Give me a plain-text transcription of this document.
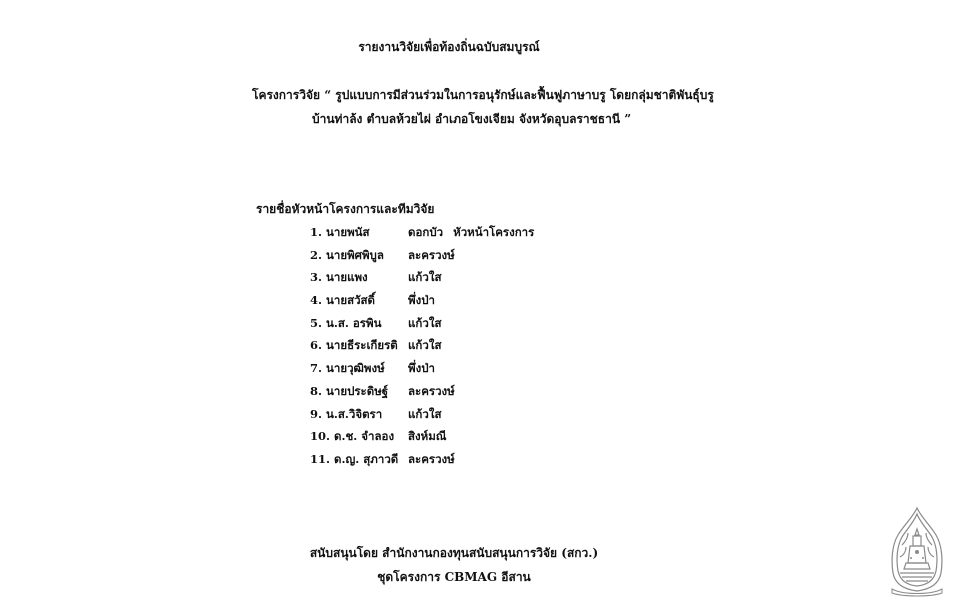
รายงานวิจัยเพื่อท้องถิ่นฉบับสมบูรณ์
โครงการวิจัย “ รูปแบบการมีส่วนร่วมในการอนุรักษ์และฟื้นฟูภาษาบรู โดยกลุ่มชาติพันธุ์บรู
บ้านท่าล้ง ตำบลห้วยไผ่ อำเภอโขงเจียม จังหวัดอุบลราชธานี ”
รายชื่อหัวหน้าโครงการและทีมวิจัย
1. นายพนัส	ดอกบัว หัวหน้าโครงการ
2. นายพิศพิบูล	ละครวงษ์
3. นายแพง	แก้วใส
4. นายสวัสดิ์	พึ่งป่า
5. น.ส. อรพิน	แก้วใส
6. นายธีระเกียรติ แก้วใส
7. นายวุฒิพงษ์	พึ่งป่า
8. นายประดิษฐ์	ละครวงษ์
9. น.ส.วิจิตรา	แก้วใส
10. ด.ช. จำลอง	สิงห์มณี
11. ด.ญ. สุภาวดี ละครวงษ์
สนับสนุนโดย สำนักงานกองทุนสนับสนุนการวิจัย (สกว.)
ชุดโครงการ CBMAG อีสาน
